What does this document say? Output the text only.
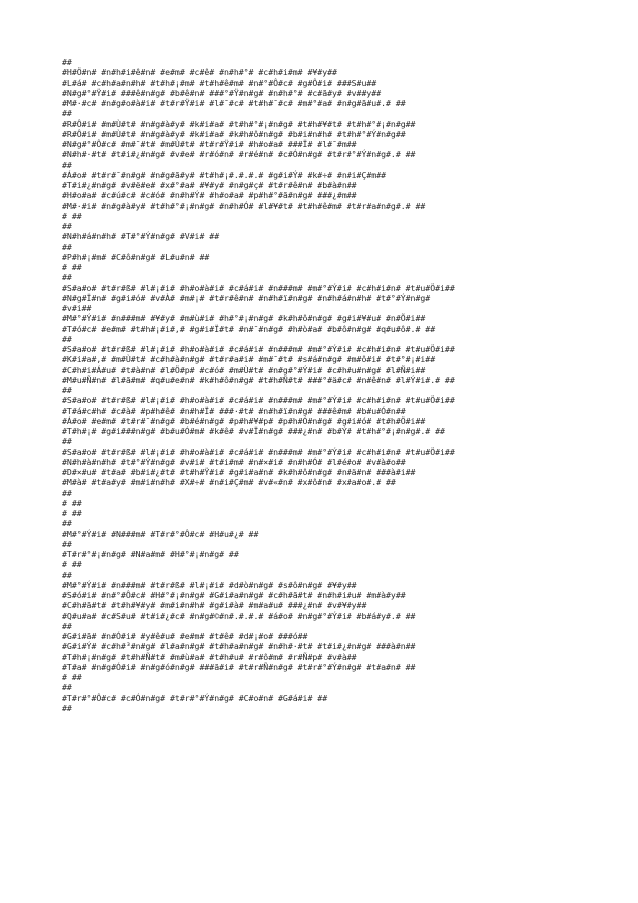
##
#H#Ö#n# #n#h#i#ê#n# #e#m# #c#ê# #n#h#°# #c#h#i#m# #¥#y##
#L#á# #c#h#a#n#h# #t#h#¡#m# #t#h#ê#m# #n#°#Ô#c# #g#Ô#i# ###S#u##
#N#g#°#Ÿ#i# ###ê#n#g# #b#ê#n# ###°#Ÿ#n#g# #n#h#°# #c#ã#y# #v##y##
#M#·#c# #n#g#o#à#i# #t#r#Ÿ#i# #l#¯#c# #t#h#¯#c# #m#°#a# #n#g#ã#u#.# ##
##
#R#Ô#i# #m#Ù#t# #n#g#à#y# #k#i#a# #t#h#°#¡#n#g# #t#h#¥#t# #t#h#°#¡#n#g##
#R#Ô#i# #m#Ù#t# #n#g#à#y# #k#i#a# #k#h#ô#n#g# #b#i#n#h# #t#h#°#Ý#n#g##
#N#g#°#Ô#c# #m#¯#t# #m#Ù#t# #t#r#Ÿ#i# #h#o#a# ###Ï# #l#¯#m##
#N#h#·#t# #t#i#¿#n#g# #v#e# #r#ó#n# #r#é#n# #c#Ó#n#g# #t#r#°#Ý#n#g#.# ##
##
#Á#o# #t#r#¯#n#g# #n#g#ã#y# #t#h#¡#.#.#.# #g#i#Ý# #k#÷# #n#i#Ç#m##
#T#i#¿#n#g# #v#ë#e# #x#°#a# #¥#y# #n#g#ç# #t#r#ê#n# #b#à#n##
#H#o#a# #c#ú#c# #c#ó# #n#h#Ý# #h#o#a# #p#h#°#ã#n#g# ###¿#m##
#M#·#i# #n#g#à#y# #t#h#°#¡#n#g# #n#h#Ó# #l#¥#t# #t#h#ê#m# #t#r#a#n#g#.# ##
# ##
##
#N#h#á#n#h# #T#°#Ý#n#g# #V#i# ##
##
#P#h#¡#m# #C#ô#n#g# #L#u#n# ##
# ##
##
#S#a#o# #t#r#ß# #l#¡#i# #h#o#à#i# #c#á#i# #n###m# #m#°#Ý#i# #c#h#i#n# #t#u#Ö#i##
#N#g#Ï#n# #g#i#ó# #v#À# #m#¡# #t#r#ê#n# #n#h#ï#n#g# #n#h#á#n#h# #t#°#Ý#n#g#
#v#i##
#M#°#Ý#i# #n###m# #¥#y# #m#ù#i# #h#°#¡#n#g# #k#h#ô#n#g# #g#i#¥#u# #n#Õ#i##
#T#ó#c# #e#m# #t#h#¡#i#,# #g#i#Ï#t# #n#¯#n#g# #h#ò#a# #b#ô#n#g# #q#u#ô#.# ##
##
#S#a#o# #t#r#ß# #l#¡#i# #h#o#à#i# #c#á#i# #n###m# #m#°#Ý#i# #c#h#i#n# #t#u#Ö#i##
#K#i#a#,# #m#Ù#t# #c#h#à#n#g# #t#r#a#i# #m#¯#t# #s#á#n#g# #m#ô#i# #t#°#¡#i##
#C#h#i#Á#u# #t#à#n# #l#Ö#p# #c#ó# #m#Ù#t# #n#g#°#Ý#i# #c#h#u#n#g# #l#Ñ#i##
#M#u#Ñ#n# #l#ã#m# #q#u#e#n# #k#h#ô#n#g# #t#h#Ñ#t# ###°#ä#c# #n#ê#n# #l#Ý#i#.# ##
##
#S#a#o# #t#r#ß# #l#¡#i# #h#o#à#i# #c#á#i# #n###m# #m#°#Ý#i# #c#h#i#n# #t#u#Ö#i##
#T#á#c#h# #c#à# #p#h#ê# #n#h#Ï# ###·#t# #n#h#ï#n#g# ###ê#m# #b#u#Ó#n##
#Á#o# #e#m# #t#r#¯#n#g# #b#é#n#g# #p#h#¥#p# #p#h#Ó#n#g# #g#i#ó# #t#h#Ö#i##
#T#h#¡# #g#i###n#g# #b#u#Ó#m# #k#ê# #v#Ï#n#g# ###¿#n# #b#Ý# #t#h#°#¡#n#g#.# ##
##
#S#a#o# #t#r#ß# #l#¡#i# #h#o#à#i# #c#á#i# #n###m# #m#°#Ý#i# #c#h#i#n# #t#u#Ö#i##
#N#h#à#n#h# #t#°#Ý#n#g# #v#i# #t#i#m# #n#×#i# #n#h#Ó# #l#é#o# #v#à#o##
#D#×#u# #t#a# #b#i#¿#t# #t#h#Ÿ#i# #g#i#a#n# #k#h#ô#n#g# #n#ä#n# ###à#i##
#M#à# #t#a#y# #m#i#n#h# #X#÷# #n#i#Ç#m# #v#«#n# #x#ô#n# #x#a#o#.# ##
##
# ##
# ##
##
#M#°#Ý#i# #N###m# #T#r#°#Ô#c# #H#u#¿# ##
##
#T#r#°#¡#n#g# #N#a#m# #H#°#¡#n#g# ##
# ##
##
#M#°#Ý#i# #n###m# #t#r#ß# #l#¡#i# #d#ò#n#g# #s#ô#n#g# #¥#y##
#S#ó#i# #n#°#Ô#c# #H#°#¡#n#g# #G#i#a#n#g# #c#h#ã#t# #n#h#i#u# #m#à#y##
#C#h#ã#t# #t#h#¥#y# #m#i#n#h# #g#i#à# #m#a#u# ###¿#n# #v#¥#y##
#Q#u#a# #c#S#u# #t#i#¿#c# #n#g#©#n#.#.#.# #á#o# #n#g#°#Ý#i# #b#á#y#.# ##
##
#G#i#ã# #n#Ó#i# #y#ê#u# #e#m# #t#ê# #d#¡#o# ###ó##
#G#i#Ý# #c#h#³#n#g# #l#a#n#g# #t#h#a#n#g# #n#h#·#t# #t#i#¿#n#g# ###à#n##
#T#h#¡#n#g# #t#h#Ñ#t# #m#ù#a# #t#h#u# #r#ô#m# #r#Ñ#p# #v#à##
#T#a# #n#g#Ó#i# #n#g#ó#n#g# ###ã#i# #t#r#Ñ#n#g# #t#r#°#Ý#n#g# #t#a#n# ##
# ##
##
#T#r#°#Ô#c# #c#Ó#n#g# #t#r#°#Ý#n#g# #C#o#n# #G#á#i# ##
##
